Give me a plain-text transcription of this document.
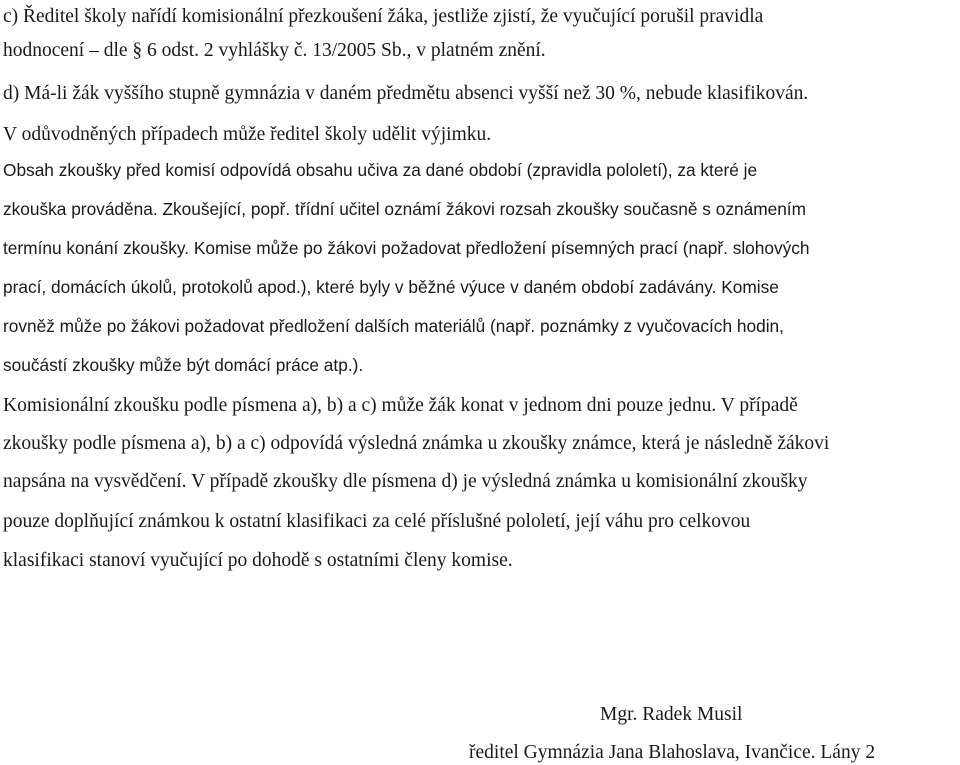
c) Ředitel školy nařídí komisionální přezkoušení žáka, jestliže zjistí, že vyučující porušil pravidla
hodnocení – dle § 6 odst. 2 vyhlášky č. 13/2005 Sb., v platném znění.
d) Má-li žák vyššího stupně gymnázia v daném předmětu absenci vyšší než 30 %, nebude klasifikován.
V odůvodněných případech může ředitel školy udělit výjimku.
Obsah zkoušky před komisí odpovídá obsahu učiva za dané období (zpravidla pololetí), za které je
zkouška prováděna. Zkoušející, popř. třídní učitel oznámí žákovi rozsah zkoušky současně s oznámením
termínu konání zkoušky. Komise může po žákovi požadovat předložení písemných prací (např. slohových
prací, domácích úkolů, protokolů apod.), které byly v běžné výuce v daném období zadávány. Komise
rovněž může po žákovi požadovat předložení dalších materiálů (např. poznámky z vyučovacích hodin,
součástí zkoušky může být domácí práce atp.).
Komisionální zkoušku podle písmena a), b) a c) může žák konat v jednom dni pouze jednu. V případě
zkoušky podle písmena a), b) a c) odpovídá výsledná známka u zkoušky známce, která je následně žákovi
napsána na vysvědčení. V případě zkoušky dle písmena d) je výsledná známka u komisionální zkoušky
pouze doplňující známkou k ostatní klasifikaci za celé příslušné pololetí, její váhu pro celkovou
klasifikaci stanoví vyučující po dohodě s ostatními členy komise.
Mgr. Radek Musil
ředitel Gymnázia Jana Blahoslava, Ivančice. Lány 2
